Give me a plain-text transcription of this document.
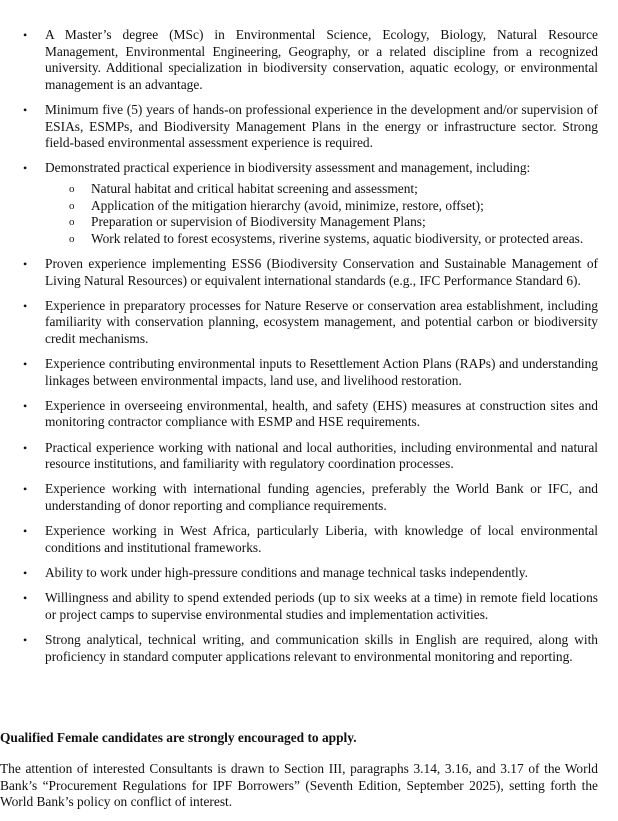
• A Master’s degree (MSc) in Environmental Science, Ecology, Biology, Natural Resource Management, Environmental Engineering, Geography, or a related discipline from a recognized university. Additional specialization in biodiversity conservation, aquatic ecology, or environmental management is an advantage.
• Minimum five (5) years of hands-on professional experience in the development and/or supervision of ESIAs, ESMPs, and Biodiversity Management Plans in the energy or infrastructure sector. Strong field-based environmental assessment experience is required.
• Demonstrated practical experience in biodiversity assessment and management, including:
o Natural habitat and critical habitat screening and assessment;
o Application of the mitigation hierarchy (avoid, minimize, restore, offset);
o Preparation or supervision of Biodiversity Management Plans;
o Work related to forest ecosystems, riverine systems, aquatic biodiversity, or protected areas.
• Proven experience implementing ESS6 (Biodiversity Conservation and Sustainable Management of Living Natural Resources) or equivalent international standards (e.g., IFC Performance Standard 6).
• Experience in preparatory processes for Nature Reserve or conservation area establishment, including familiarity with conservation planning, ecosystem management, and potential carbon or biodiversity credit mechanisms.
• Experience contributing environmental inputs to Resettlement Action Plans (RAPs) and understanding linkages between environmental impacts, land use, and livelihood restoration.
• Experience in overseeing environmental, health, and safety (EHS) measures at construction sites and monitoring contractor compliance with ESMP and HSE requirements.
• Practical experience working with national and local authorities, including environmental and natural resource institutions, and familiarity with regulatory coordination processes.
• Experience working with international funding agencies, preferably the World Bank or IFC, and understanding of donor reporting and compliance requirements.
• Experience working in West Africa, particularly Liberia, with knowledge of local environmental conditions and institutional frameworks.
• Ability to work under high-pressure conditions and manage technical tasks independently.
• Willingness and ability to spend extended periods (up to six weeks at a time) in remote field locations or project camps to supervise environmental studies and implementation activities.
• Strong analytical, technical writing, and communication skills in English are required, along with proficiency in standard computer applications relevant to environmental monitoring and reporting.

Qualified Female candidates are strongly encouraged to apply.

The attention of interested Consultants is drawn to Section III, paragraphs 3.14, 3.16, and 3.17 of the World Bank’s “Procurement Regulations for IPF Borrowers” (Seventh Edition, September 2025), setting forth the World Bank’s policy on conflict of interest.
